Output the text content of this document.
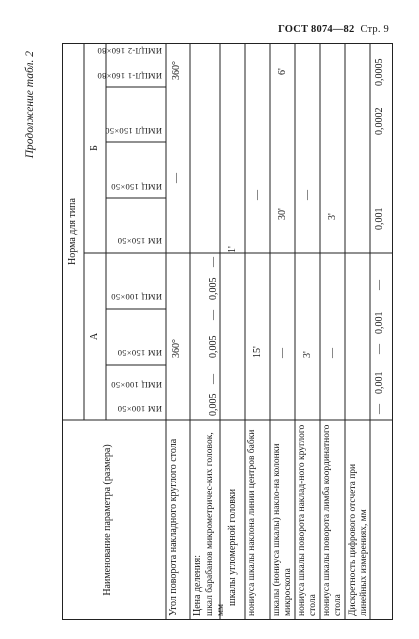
ГОСТ 8074—82 Стр. 9
Продолжение табл. 2
Наименование параметра (размера)
Норма для типа
А
Б
ИМ 100×50
ИМЦ 100×50
ИМ 150×50
ИМЦ 100×50
ИМ 150×50
ИМЦ 150×50
ИМЦЛ 150×50
ИМЦЛ-1 160×80
ИМЦЛ-2 160×80
Угол поворота накладного круглого стола
360°
—
360°
Цена деления: шкал барабанов микрометричес-ких головок, мм
0,005
—
0,005
—
0,005
—
шкалы угломерной головки
1'
нониуса шкалы наклона линии центров бабки
15'
—
шкалы (нониуса шкалы) накло-на колонки микроскопа
—
30'
6'
нониуса шкалы поворота наклад-ного круглого стола
3'
—
нониуса шкалы поворота лимба координатного стола
—
3'
Дискретность цифрового отсчета при линейных измерениях, мм
—
0,001
—
0,001
—
0,001
0,0002
0,0005
